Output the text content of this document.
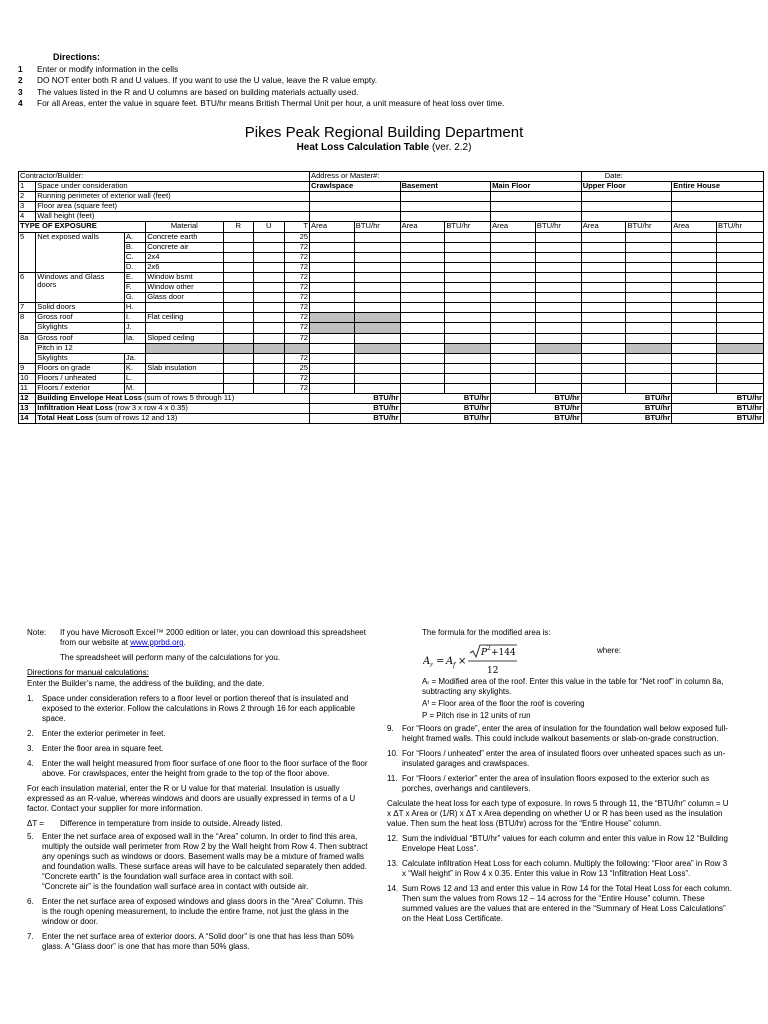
Directions:
1	Enter or modify information in the cells
2	DO NOT enter both R and U values. If you want to use the U value, leave the R value empty.
3	The values listed in the R and U columns are based on building materials actually used.
4	For all Areas, enter the value in square feet. BTU/hr means British Thermal Unit per hour, a unit measure of heat loss over time.
Pikes Peak Regional Building Department
Heat Loss Calculation Table (ver. 2.2)
Contractor/Builder:							Address or Master#:						Date:			
1	Space under consideration						Crawlspace		Basement		Main Floor		Upper Floor		Entire House	
2	Running perimeter of exterior wall (feet)															
3	Floor area (square feet)															
4	Wall height (feet)															
TYPE OF EXPOSURE			Material	R	U	T	Area	BTU/hr	Area	BTU/hr	Area	BTU/hr	Area	BTU/hr	Area	BTU/hr
5	Net exposed walls	A.	Concrete earth			25										
		B.	Concrete air			72										
		C.	2x4			72										
		D.	2x6			72										
6	Windows and Glass doors	E.	Window bsmt			72										
		F.	Window other			72										
		G.	Glass door			72										
7	Solid doors	H.				72										
8	Gross roof	I.	Flat ceiling			72										
	Skylights	J.				72										
8a	Gross roof	Ia.	Sloped ceiling			72										
	Pitch in 12															
	Skylights	Ja.				72										
9	Floors on grade	K.	Slab insulation			25										
10	Floors / unheated	L.				72										
11	Floors / exterior	M.				72										
12	Building Envelope Heat Loss (sum of rows 5 through 11)						BTU/hr		BTU/hr		BTU/hr		BTU/hr		BTU/hr	
13	Infiltration Heat Loss (row 3 x row 4 x 0.35)						BTU/hr		BTU/hr		BTU/hr		BTU/hr		BTU/hr	
14	Total Heat Loss (sum of rows 12 and 13)						BTU/hr		BTU/hr		BTU/hr		BTU/hr		BTU/hr	
Note:	If you have Microsoft Excel™ 2000 edition or later, you can download this spreadsheet from our website at www.pprbd.org.

The spreadsheet will perform many of the calculations for you.

Directions for manual calculations:

Enter the Builder’s name, the address of the building, and the date.

1.	Space under consideration refers to a floor level or portion thereof that is insulated and exposed to the exterior. Follow the calculations in Rows 2 through 16 for each applicable space.
2.	Enter the exterior perimeter in feet.
3.	Enter the floor area in square feet.
4.	Enter the wall height measured from floor surface of one floor to the floor surface of the floor above. For crawlspaces, enter the height from grade to the top of the floor above.

For each insulation material, enter the R or U value for that material. Insulation is usually expressed as an R-value, whereas windows and doors are usually expressed in terms of a U factor. Contact your supplier for more information.

ΔT =	Difference in temperature from inside to outside. Already listed.
5.	Enter the net surface area of exposed wall in the “Area” column. In order to find this area, multiply the outside wall perimeter from Row 2 by the Wall height from Row 4. Then subtract any openings such as windows or doors. Basement walls may be a mixture of framed walls and foundation walls. These surface areas will have to be calculated separately then added.

“Concrete earth” is the foundation wall surface area in contact with soil.

“Concrete air” is the foundation wall surface area in contact with outside air.

6.	Enter the net surface area of exposed windows and glass doors in the “Area” Column. This is the rough opening measurement, to include the entire frame, not just the glass in the window or door.
7.	Enter the net surface area of exterior doors. A “Solid door” is one that has less than 50% glass. A “Glass door” is one that has more than 50% glass.

The formula for the modified area is:

A r = A f ×
P 2 +144
12
where:

Aᵣ = Modified area of the roof. Enter this value in the table for “Net roof” in column 8a, subtracting any skylights.

Aᶠ = Floor area of the floor the roof is covering

P = Pitch rise in 12 units of run

9.	For “Floors on grade”, enter the area of insulation for the foundation wall below exposed full-height framed walls. This could include walkout basements or slab-on-grade construction.
10. For “Floors / unheated” enter the area of insulated floors over unheated spaces such as un-insulated garages and crawlspaces.
11. For “Floors / exterior” enter the area of insulation floors exposed to the exterior such as porches, overhangs and cantilevers.

Calculate the heat loss for each type of exposure. In rows 5 through 11, the “BTU/hr” column = U x ΔT x Area or (1/R) x ΔT x Area depending on whether U or R has been used as the insulation value. Then sum the heat loss (BTU/hr) across for the “Entire House” column.

12. Sum the individual “BTU/hr” values for each column and enter this value in Row 12 “Building Envelope Heat Loss”.
13. Calculate infiltration Heat Loss for each column. Multiply the following: “Floor area” in Row 3 x “Wall height” in Row 4 x 0.35. Enter this value in Row 13 “Infiltration Heat Loss”.
14. Sum Rows 12 and 13 and enter this value in Row 14 for the Total Heat Loss for each column. Then sum the values from Rows 12 – 14 across for the “Entire House” column. These summed values are the values that are entered in the “Summary of Heat Loss Calculations” on the Heat Loss Certificate.
